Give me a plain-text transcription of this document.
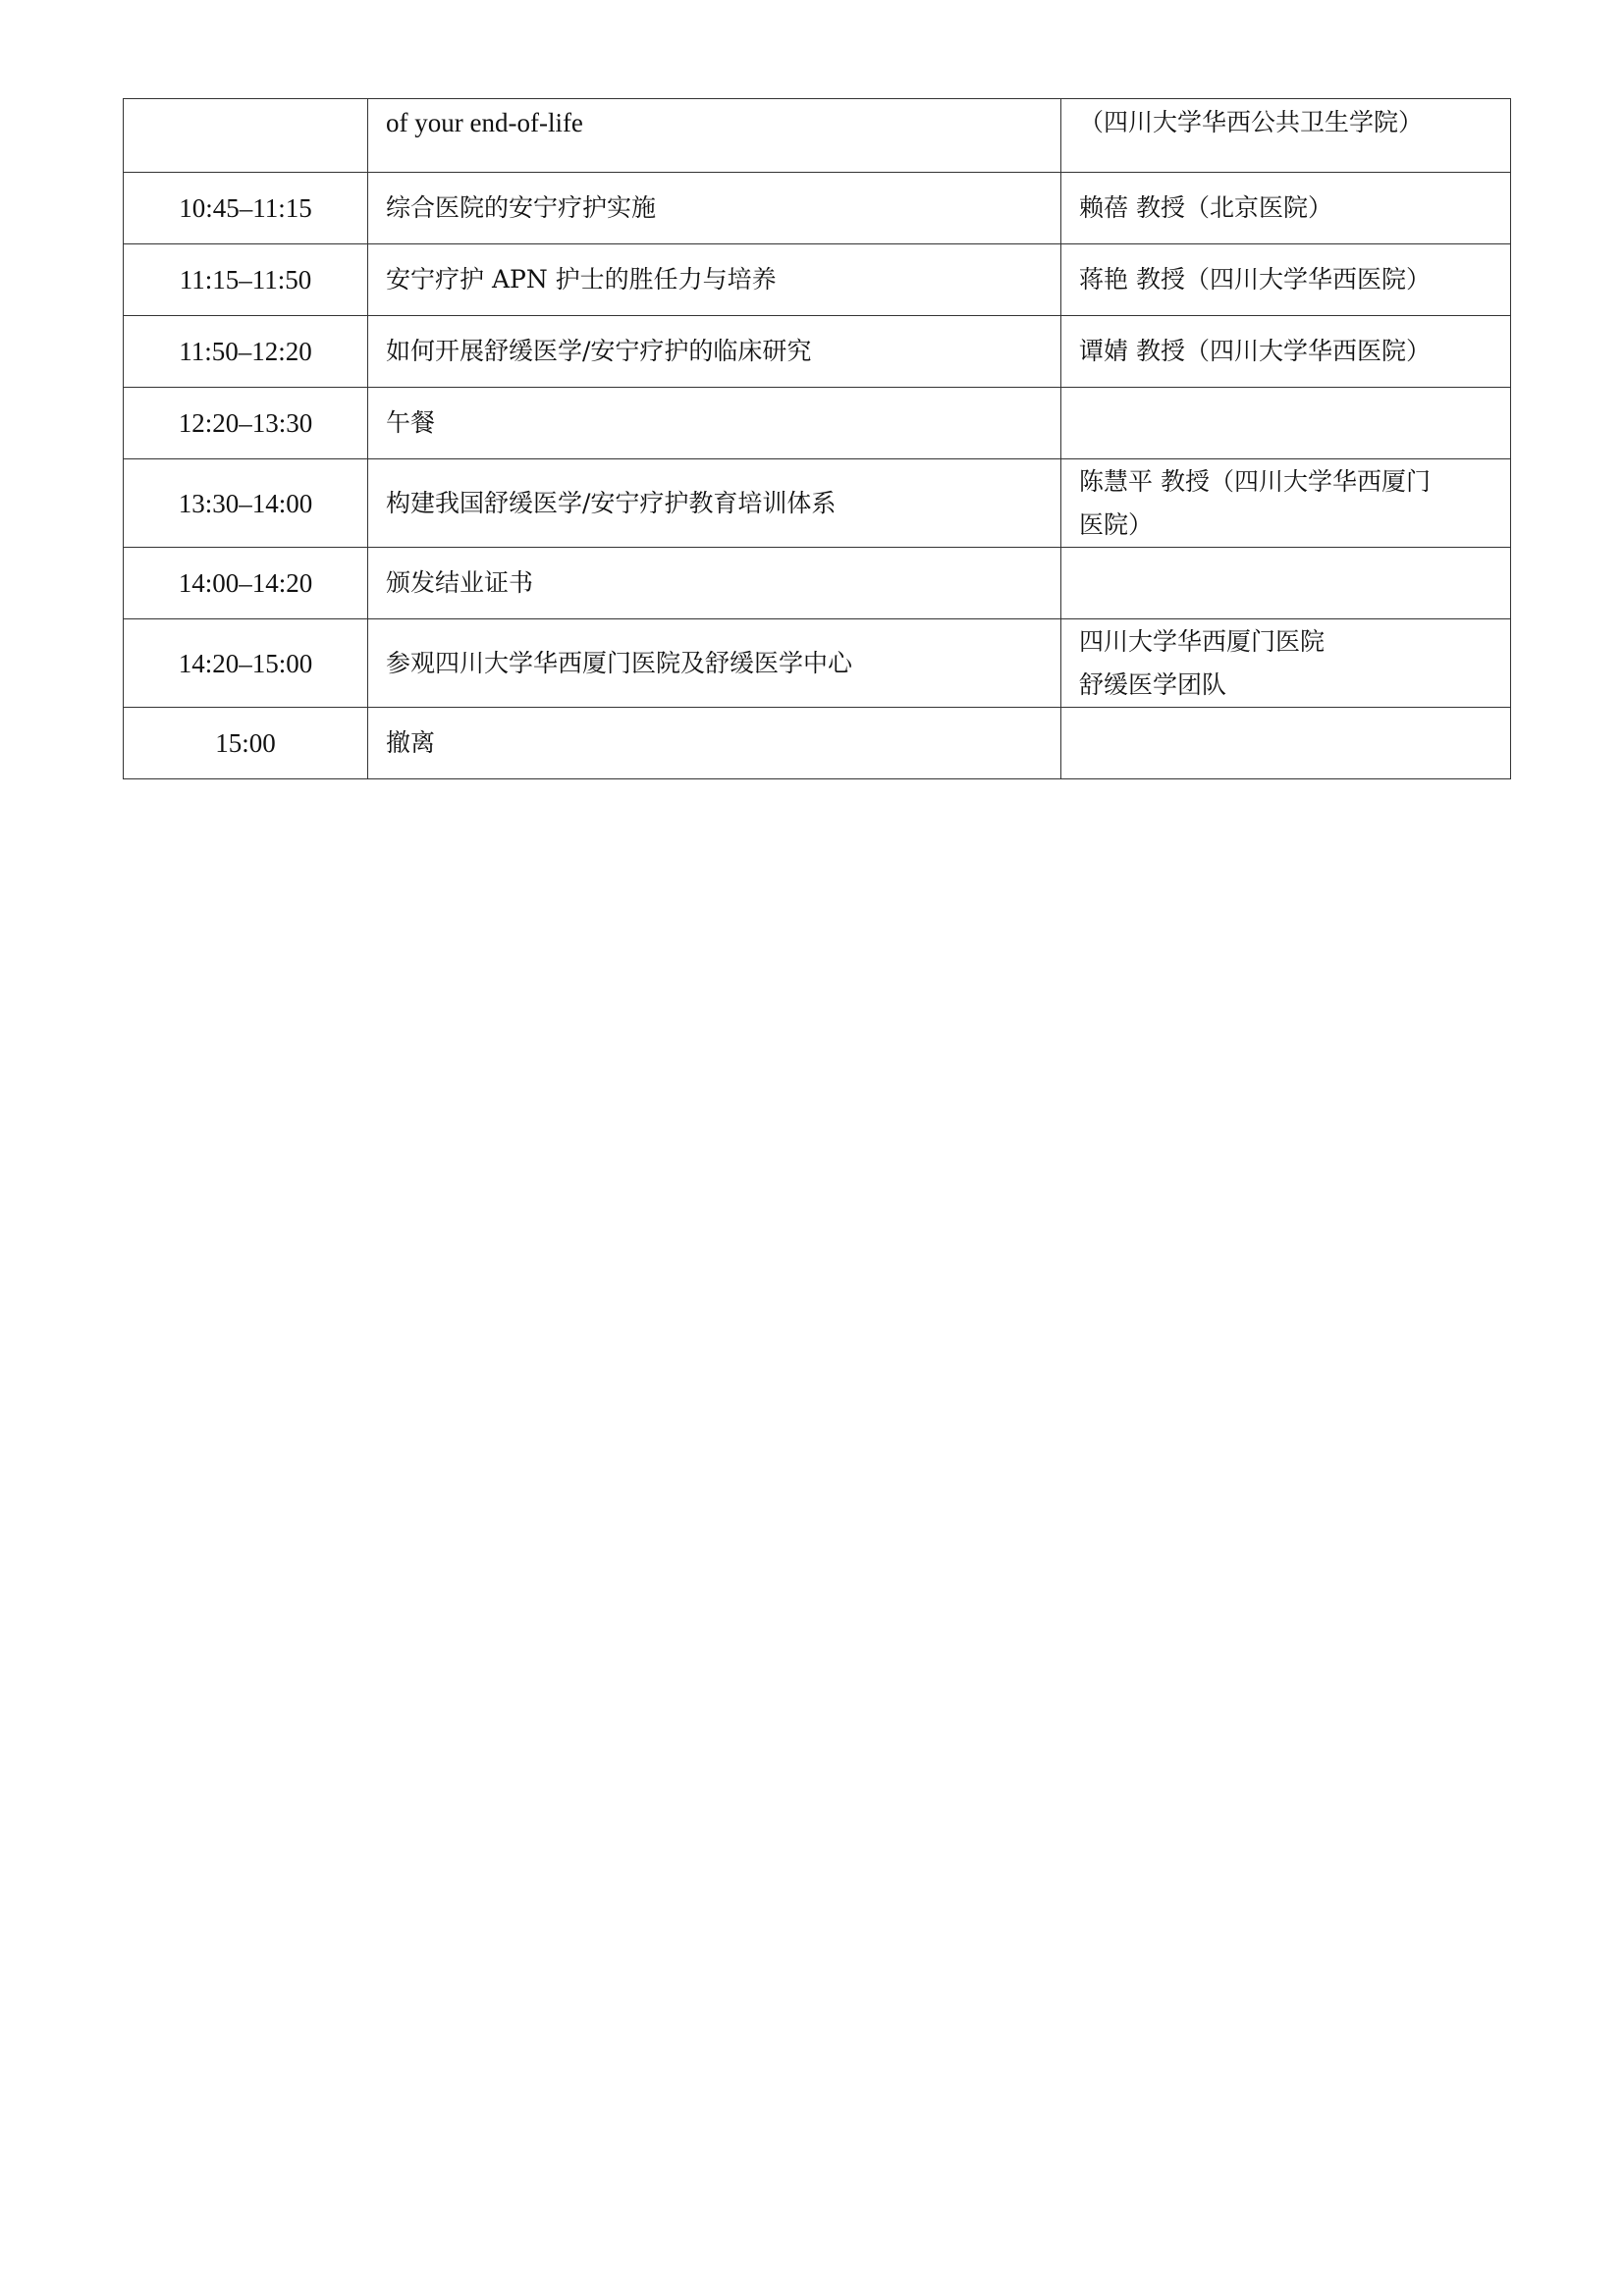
	of your end-of-life	（四川大学华西公共卫生学院）

10:45–11:15	综合医院的安宁疗护实施	赖蓓 教授（北京医院）

11:15–11:50	安宁疗护 APN 护士的胜任力与培养	蒋艳 教授（四川大学华西医院）

11:50–12:20	如何开展舒缓医学/安宁疗护的临床研究	谭婧 教授（四川大学华西医院）

12:20–13:30	午餐	
13:30–14:00	构建我国舒缓医学/安宁疗护教育培训体系	陈慧平 教授（四川大学华西厦门
医院）

14:00–14:20	颁发结业证书	
14:20–15:00	参观四川大学华西厦门医院及舒缓医学中心	四川大学华西厦门医院
舒缓医学团队

15:00	撤离	
